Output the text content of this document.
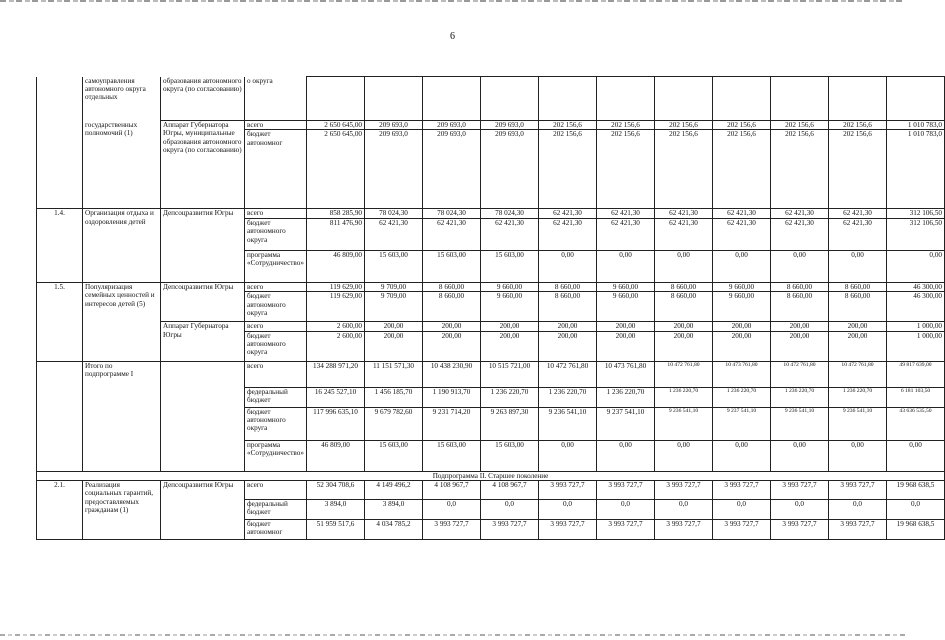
6
	самоуправления автономного округа отдельных	образования автономного округа (по согласованию)	о округа											
	государственных полномочий (1)	Аппарат Губернатора Югры, муниципальные образования автономного округа (по согласованию)	всего	2 650 645,00	209 693,0	209 693,0	209 693,0	202 156,6	202 156,6	202 156,6	202 156,6	202 156,6	202 156,6	1 010 783,0
			бюджет автономног	2 650 645,00	209 693,0	209 693,0	209 693,0	202 156,6	202 156,6	202 156,6	202 156,6	202 156,6	202 156,6	1 010 783,0
1.4.	Организация отдыха и оздоровления детей	Депсоцразвития Югры	всего	858 285,90	78 024,30	78 024,30	78 024,30	62 421,30	62 421,30	62 421,30	62 421,30	62 421,30	62 421,30	312 106,50
			бюджет автономного округа	811 476,90	62 421,30	62 421,30	62 421,30	62 421,30	62 421,30	62 421,30	62 421,30	62 421,30	62 421,30	312 106,50
			программа «Сотрудничество»	46 809,00	15 603,00	15 603,00	15 603,00	0,00	0,00	0,00	0,00	0,00	0,00	0,00
1.5.	Популяризация семейных ценностей и интересов детей (5)	Депсоцразвития Югры	всего	119 629,00	9 709,00	8 660,00	9 660,00	8 660,00	9 660,00	8 660,00	9 660,00	8 660,00	8 660,00	46 300,00
			бюджет автономного округа	119 629,00	9 709,00	8 660,00	9 660,00	8 660,00	9 660,00	8 660,00	9 660,00	8 660,00	8 660,00	46 300,00
		Аппарат Губернатора Югры	всего	2 600,00	200,00	200,00	200,00	200,00	200,00	200,00	200,00	200,00	200,00	1 000,00
			бюджет автономного округа	2 600,00	200,00	200,00	200,00	200,00	200,00	200,00	200,00	200,00	200,00	1 000,00
	Итого по подпрограмме I		всего	134 288 971,20	11 151 571,30	10 438 230,90	10 515 721,00	10 472 761,80	10 473 761,80	10 472 761,80	10 473 761,80	10 472 761,80	10 472 761,80	49 817 639,00
			федеральный бюджет	16 245 527,10	1 456 185,70	1 190 913,70	1 236 220,70	1 236 220,70	1 236 220,70	1 236 220,70	1 236 220,70	1 236 220,70	1 236 220,70	6 181 103,50
			бюджет автономного округа	117 996 635,10	9 679 782,60	9 231 714,20	9 263 897,30	9 236 541,10	9 237 541,10	9 236 541,10	9 237 541,10	9 236 541,10	9 236 541,10	43 636 535,50
			программа «Сотрудничество»	46 809,00	15 603,00	15 603,00	15 603,00	0,00	0,00	0,00	0,00	0,00	0,00	0,00
Подпрограмма II. Старшее поколение														
2.1.	Реализация социальных гарантий, предоставляемых гражданам (1)	Депсоцразвития Югры	всего	52 304 708,6	4 149 496,2	4 108 967,7	4 108 967,7	3 993 727,7	3 993 727,7	3 993 727,7	3 993 727,7	3 993 727,7	3 993 727,7	19 968 638,5
			федеральный бюджет	3 894,0	3 894,0	0,0	0,0	0,0	0,0	0,0	0,0	0,0	0,0	0,0
			бюджет автономног	51 959 517,6	4 034 785,2	3 993 727,7	3 993 727,7	3 993 727,7	3 993 727,7	3 993 727,7	3 993 727,7	3 993 727,7	3 993 727,7	19 968 638,5
